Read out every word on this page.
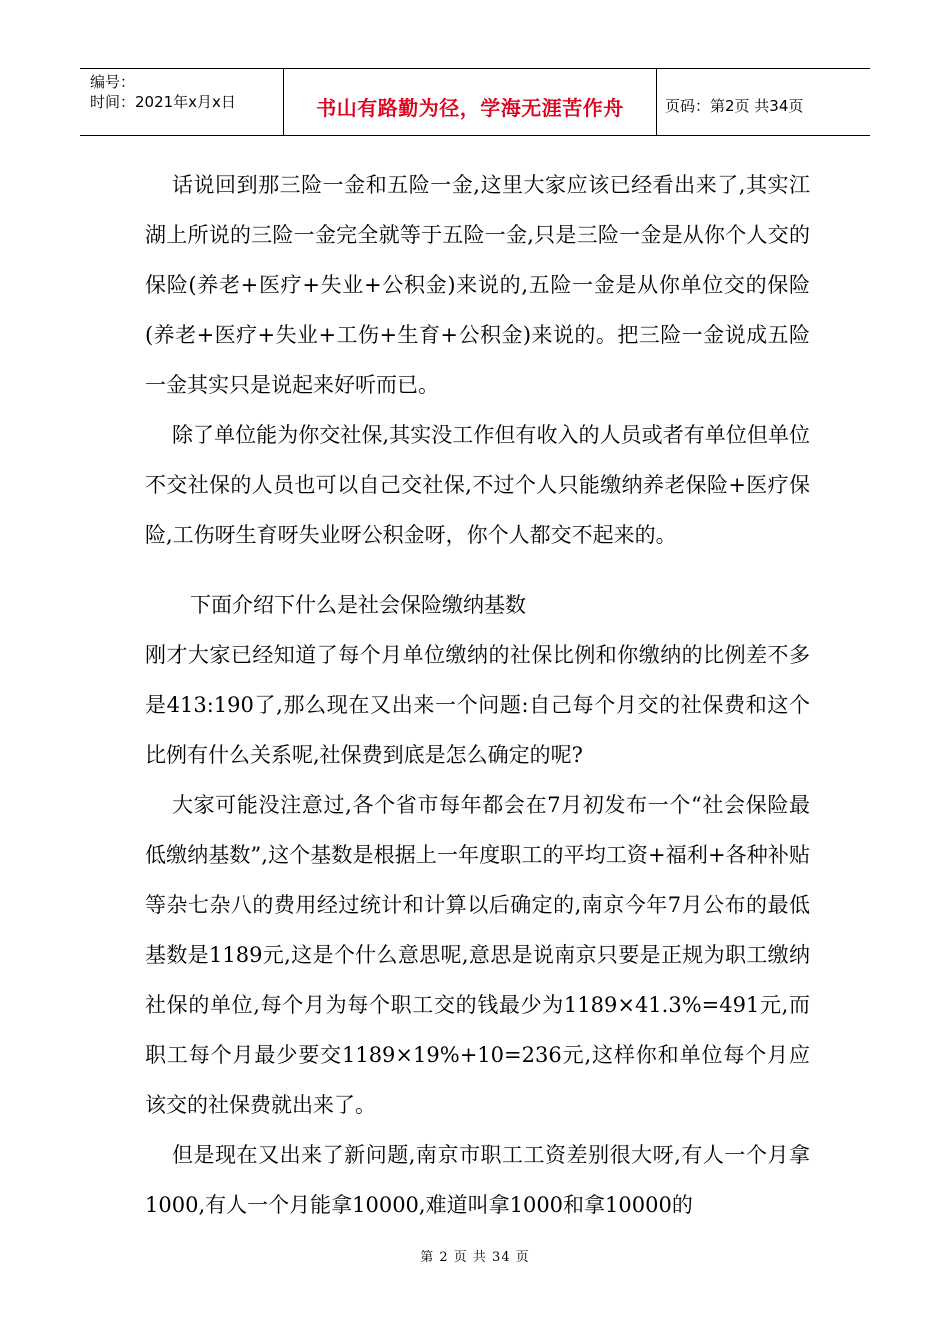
编号：
时间：2021年x月x日	书山有路勤为径，学海无涯苦作舟	页码：第2页 共34页

话说回到那三险一金和五险一金,这里大家应该已经看出来了,其实江湖上所说的三险一金完全就等于五险一金,只是三险一金是从你个人交的保险(养老+医疗+失业+公积金)来说的,五险一金是从你单位交的保险(养老+医疗+失业+工伤+生育+公积金)来说的。把三险一金说成五险一金其实只是说起来好听而已。

除了单位能为你交社保,其实没工作但有收入的人员或者有单位但单位不交社保的人员也可以自己交社保,不过个人只能缴纳养老保险+医疗保险,工伤呀生育呀失业呀公积金呀，你个人都交不起来的。

下面介绍下什么是社会保险缴纳基数

刚才大家已经知道了每个月单位缴纳的社保比例和你缴纳的比例差不多是413:190了,那么现在又出来一个问题:自己每个月交的社保费和这个比例有什么关系呢,社保费到底是怎么确定的呢?

大家可能没注意过,各个省市每年都会在7月初发布一个“社会保险最低缴纳基数”,这个基数是根据上一年度职工的平均工资+福利+各种补贴等杂七杂八的费用经过统计和计算以后确定的,南京今年7月公布的最低基数是1189元,这是个什么意思呢,意思是说南京只要是正规为职工缴纳社保的单位,每个月为每个职工交的钱最少为1189×41.3%=491元,而职工每个月最少要交1189×19%+10=236元,这样你和单位每个月应该交的社保费就出来了。

但是现在又出来了新问题,南京市职工工资差别很大呀,有人一个月拿1000,有人一个月能拿10000,难道叫拿1000和拿10000的

第 2 页 共 34 页
